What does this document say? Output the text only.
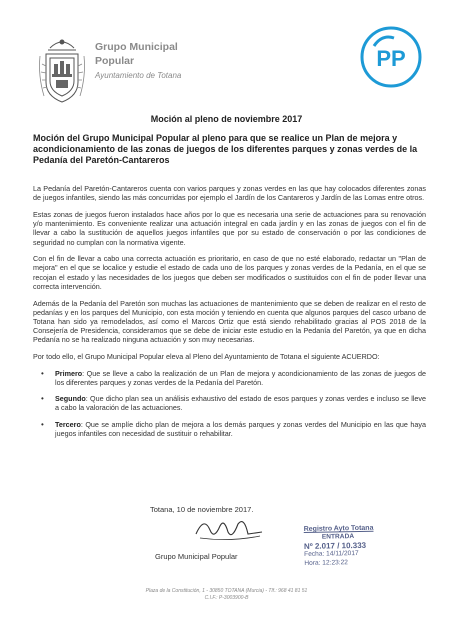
Grupo Municipal
Popular
Ayuntamiento de Totana
PP
Moción al pleno de noviembre 2017
Moción del Grupo Municipal Popular al pleno para que se realice un Plan de mejora y acondicionamiento de las zonas de juegos de los diferentes parques y zonas verdes de la Pedanía del Paretón-Cantareros

La Pedanía del Paretón-Cantareros cuenta con varios parques y zonas verdes en las que hay colocados diferentes zonas de juegos infantiles, siendo las más concurridas por ejemplo el Jardín de los Cantareros y Jardín de las Lomas entre otros.

Estas zonas de juegos fueron instalados hace años por lo que es necesaria una serie de actuaciones para su renovación y/o mantenimiento. Es conveniente realizar una actuación integral en cada jardín y en las zonas de juegos con el fin de llevar a cabo la sustitución de aquellos juegos infantiles que por su estado de conservación o por las condiciones de seguridad no cumplan con la normativa vigente.

Con el fin de llevar a cabo una correcta actuación es prioritario, en caso de que no esté elaborado, redactar un "Plan de mejora" en el que se localice y estudie el estado de cada uno de los parques y zonas verdes de la Pedanía, en el que se recojan el estado y las necesidades de los juegos que deben ser modificados o sustituidos con el fin de poder llevar una correcta intervención.

Además de la Pedanía del Paretón son muchas las actuaciones de mantenimiento que se deben de realizar en el resto de pedanías y en los parques del Municipio, con esta moción y teniendo en cuenta que algunos parques del casco urbano de Totana han sido ya remodelados, así como el Marcos Ortiz que está siendo rehabilitado gracias al POS 2018 de la Consejería de Presidencia, consideramos que se debe de iniciar este estudio en la Pedanía del Paretón, ya que en dicha Pedanía no se ha realizado ninguna actuación y son muy necesarias.

Por todo ello, el Grupo Municipal Popular eleva al Pleno del Ayuntamiento de Totana el siguiente ACUERDO:

• Primero: Que se lleve a cabo la realización de un Plan de mejora y acondicionamiento de las zonas de juegos de los diferentes parques y zonas verdes de la Pedanía del Paretón.
• Segundo: Que dicho plan sea un análisis exhaustivo del estado de esos parques y zonas verdes e incluso se lleve a cabo la valoración de las actuaciones.
• Tercero: Que se amplíe dicho plan de mejora a los demás parques y zonas verdes del Municipio en las que haya juegos infantiles con necesidad de sustituir o rehabilitar.
Totana, 10 de noviembre 2017.
Grupo Municipal Popular
Registro Ayto Totana
ENTRADA
Nº 2.017 / 10.333
Fecha: 14/11/2017
Hora: 12:23:22
Plaza de la Constitución, 1 - 30850 TOTANA (Murcia) - Tlf.: 968 41 81 51
C.I.F.: P-3003900-B
